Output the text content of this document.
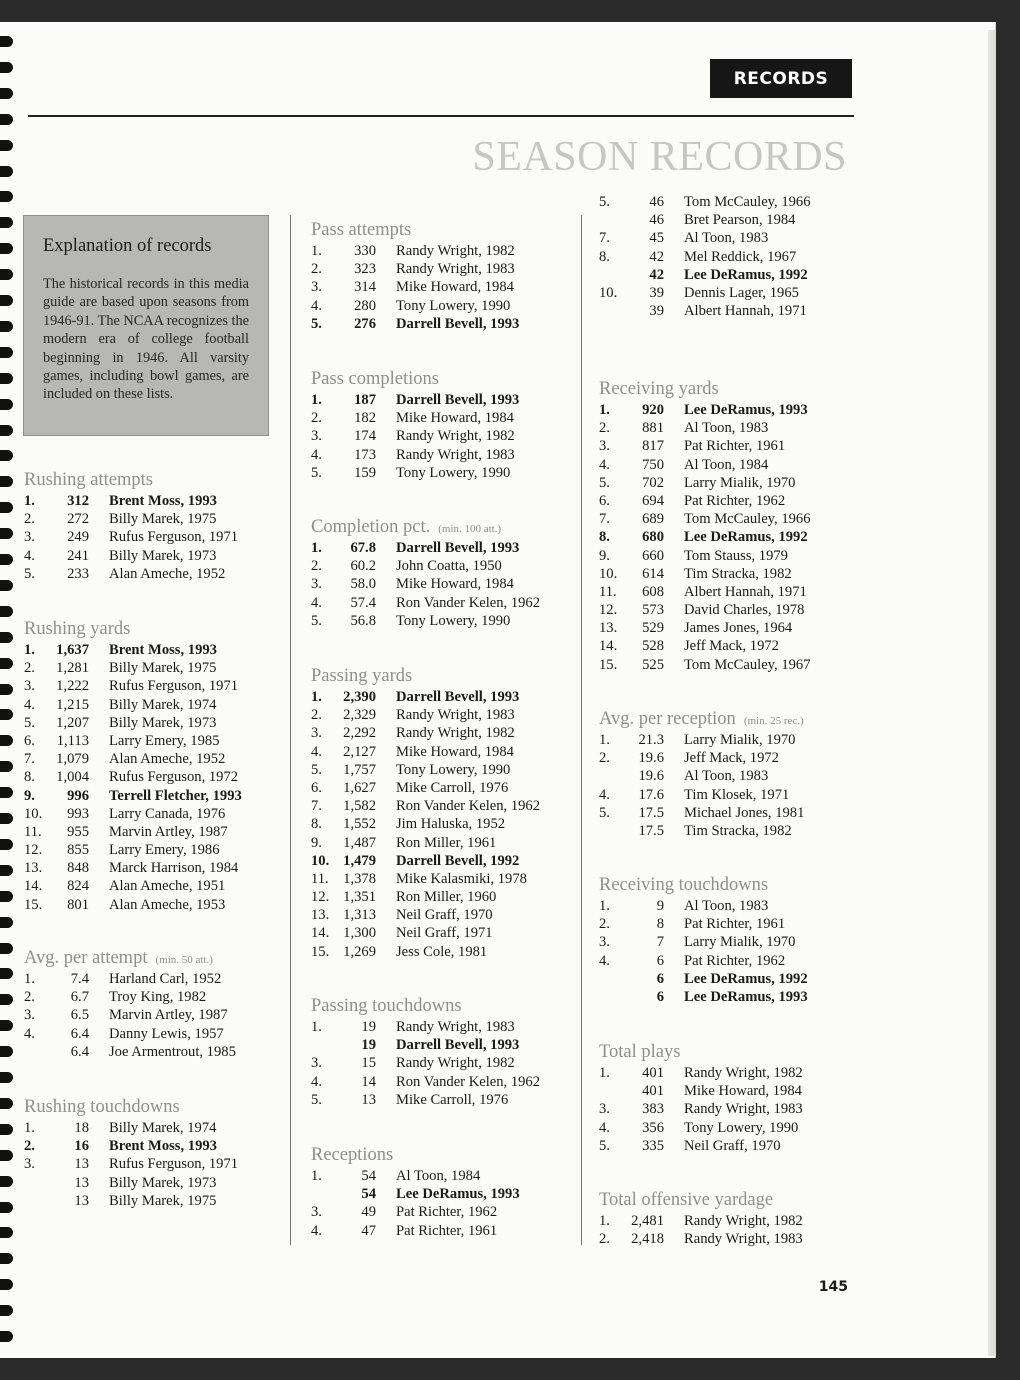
RECORDS
SEASON RECORDS
Explanation of records

The historical records in this media guide are based upon seasons from 1946-91. The NCAA recognizes the modern era of college football beginning in 1946. All varsity games, including bowl games, are included on these lists.

Rushing attempts
1.	312 Brent Moss, 1993
2.	272 Billy Marek, 1975
3.	249 Rufus Ferguson, 1971
4.	241 Billy Marek, 1973
5.	233 Alan Ameche, 1952
Rushing yards
1.	1,637 Brent Moss, 1993
2.	1,281 Billy Marek, 1975
3.	1,222 Rufus Ferguson, 1971
4.	1,215 Billy Marek, 1974
5.	1,207 Billy Marek, 1973
6.	1,113 Larry Emery, 1985
7.	1,079 Alan Ameche, 1952
8.	1,004 Rufus Ferguson, 1972
9.	996 Terrell Fletcher, 1993
10.	993 Larry Canada, 1976
11.	955 Marvin Artley, 1987
12.	855 Larry Emery, 1986
13.	848 Marck Harrison, 1984
14.	824 Alan Ameche, 1951
15.	801 Alan Ameche, 1953
Avg. per attempt (min. 50 att.)
1.	7.4 Harland Carl, 1952
2.	6.7 Troy King, 1982
3.	6.5 Marvin Artley, 1987
4.	6.4 Danny Lewis, 1957
6.4 Joe Armentrout, 1985
Rushing touchdowns
1.	18 Billy Marek, 1974
2.	16 Brent Moss, 1993
3.	13 Rufus Ferguson, 1971
13 Billy Marek, 1973
13 Billy Marek, 1975
Pass attempts
1.	330 Randy Wright, 1982
2.	323 Randy Wright, 1983
3.	314 Mike Howard, 1984
4.	280 Tony Lowery, 1990
5.	276 Darrell Bevell, 1993
Pass completions
1.	187 Darrell Bevell, 1993
2.	182 Mike Howard, 1984
3.	174 Randy Wright, 1982
4.	173 Randy Wright, 1983
5.	159 Tony Lowery, 1990
Completion pct. (min. 100 att.)
1.	67.8 Darrell Bevell, 1993
2.	60.2 John Coatta, 1950
3.	58.0 Mike Howard, 1984
4.	57.4 Ron Vander Kelen, 1962
5.	56.8 Tony Lowery, 1990
Passing yards
1.	2,390 Darrell Bevell, 1993
2.	2,329 Randy Wright, 1983
3.	2,292 Randy Wright, 1982
4.	2,127 Mike Howard, 1984
5.	1,757 Tony Lowery, 1990
6.	1,627 Mike Carroll, 1976
7.	1,582 Ron Vander Kelen, 1962
8.	1,552 Jim Haluska, 1952
9.	1,487 Ron Miller, 1961
10. 1,479 Darrell Bevell, 1992
11. 1,378 Mike Kalasmiki, 1978
12. 1,351 Ron Miller, 1960
13. 1,313 Neil Graff, 1970
14. 1,300 Neil Graff, 1971
15. 1,269 Jess Cole, 1981
Passing touchdowns
1.	19 Randy Wright, 1983
19 Darrell Bevell, 1993
3.	15 Randy Wright, 1982
4.	14 Ron Vander Kelen, 1962
5.	13 Mike Carroll, 1976
Receptions
1.	54 Al Toon, 1984
54 Lee DeRamus, 1993
3.	49 Pat Richter, 1962
4.	47 Pat Richter, 1961
5.	46 Tom McCauley, 1966
46 Bret Pearson, 1984
7.	45 Al Toon, 1983
8.	42 Mel Reddick, 1967
42 Lee DeRamus, 1992
10.	39 Dennis Lager, 1965
39 Albert Hannah, 1971
Receiving yards
1.	920 Lee DeRamus, 1993
2.	881 Al Toon, 1983
3.	817 Pat Richter, 1961
4.	750 Al Toon, 1984
5.	702 Larry Mialik, 1970
6.	694 Pat Richter, 1962
7.	689 Tom McCauley, 1966
8.	680 Lee DeRamus, 1992
9.	660 Tom Stauss, 1979
10.	614 Tim Stracka, 1982
11.	608 Albert Hannah, 1971
12.	573 David Charles, 1978
13.	529 James Jones, 1964
14.	528 Jeff Mack, 1972
15.	525 Tom McCauley, 1967
Avg. per reception (min. 25 rec.)
1.	21.3 Larry Mialik, 1970
2.	19.6 Jeff Mack, 1972
19.6 Al Toon, 1983
4.	17.6 Tim Klosek, 1971
5.	17.5 Michael Jones, 1981
17.5 Tim Stracka, 1982
Receiving touchdowns
1.	9 Al Toon, 1983
2.	8 Pat Richter, 1961
3.	7 Larry Mialik, 1970
4.	6 Pat Richter, 1962
6 Lee DeRamus, 1992
6 Lee DeRamus, 1993
Total plays
1.	401 Randy Wright, 1982
401 Mike Howard, 1984
3.	383 Randy Wright, 1983
4.	356 Tony Lowery, 1990
5.	335 Neil Graff, 1970
Total offensive yardage
1.	2,481 Randy Wright, 1982
2.	2,418 Randy Wright, 1983
145
